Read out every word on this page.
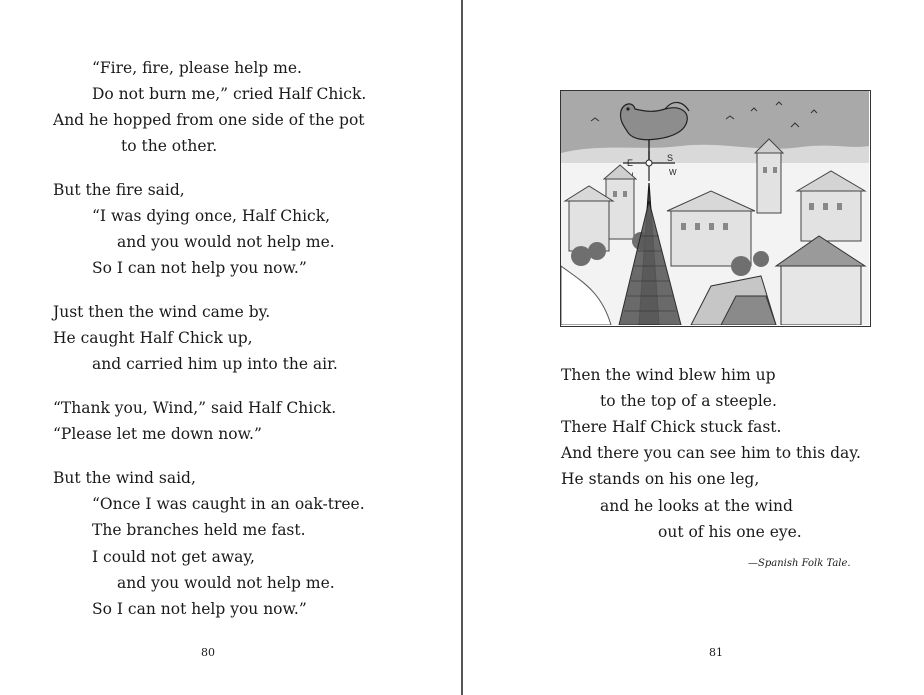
“Fire, fire, please help me.
Do not burn me,” cried Half Chick.
And he hopped from one side of the pot
to the other.
But the fire said,
“I was dying once, Half Chick,
and you would not help me.
So I can not help you now.”
Just then the wind came by.
He caught Half Chick up,
and carried him up into the air.
“Thank you, Wind,” said Half Chick.
“Please let me down now.”
But the wind said,
“Once I was caught in an oak-tree.
The branches held me fast.
I could not get away,
and you would not help me.
So I can not help you now.”
80
E	S
W
Then the wind blew him up
to the top of a steeple.
There Half Chick stuck fast.
And there you can see him to this day.
He stands on his one leg,
and he looks at the wind
out of his one eye.
—Spanish Folk Tale.
81
